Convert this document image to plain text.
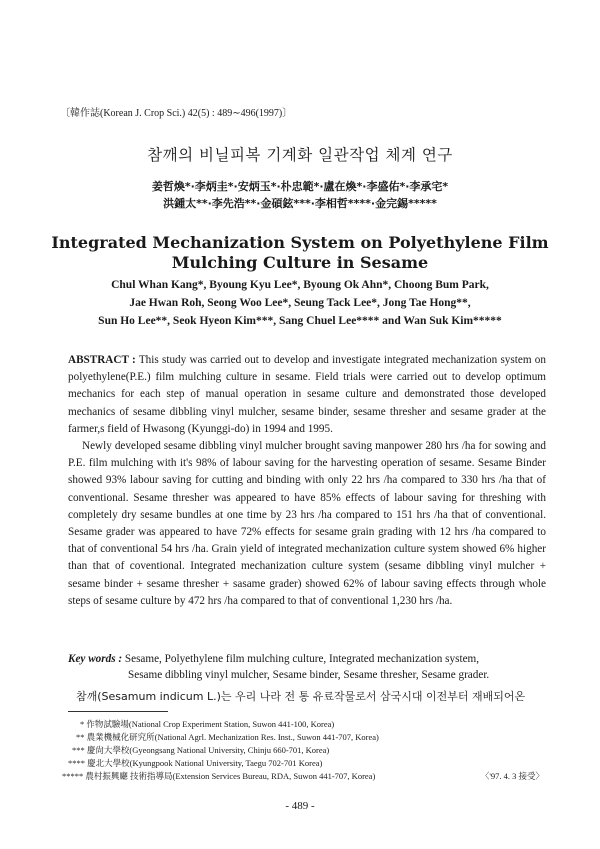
〔韓作誌(Korean J. Crop Sci.) 42(5) : 489∼496(1997)〕
참깨의 비닐피복 기계화 일관작업 체계 연구
姜哲煥*·李炳圭*·安炳玉*·朴忠範*·盧在煥*·李盛佑*·李承宅*
洪鍾太**·李先浩**·金碩鉉***·李相哲****·金完錫*****
Integrated Mechanization System on Polyethylene Film
Mulching Culture in Sesame
Chul Whan Kang*, Byoung Kyu Lee*, Byoung Ok Ahn*, Choong Bum Park,
Jae Hwan Roh, Seong Woo Lee*, Seung Tack Lee*, Jong Tae Hong**,
Sun Ho Lee**, Seok Hyeon Kim***, Sang Chuel Lee**** and Wan Suk Kim*****

ABSTRACT : This study was carried out to develop and investigate integrated mechanization system on polyethylene(P.E.) film mulching culture in sesame. Field trials were carried out to develop optimum mechanics for each step of manual operation in sesame culture and demonstrated those developed mechanics of sesame dibbling vinyl mulcher, sesame binder, sesame thresher and sesame grader at the farmer,s field of Hwasong (Kyunggi-do) in 1994 and 1995.

Newly developed sesame dibbling vinyl mulcher brought saving manpower 280 hrs /ha for sowing and P.E. film mulching with it's 98% of labour saving for the harvesting operation of sesame. Sesame Binder showed 93% labour saving for cutting and binding with only 22 hrs /ha compared to 330 hrs /ha that of conventional. Sesame thresher was appeared to have 85% effects of labour saving for threshing with completely dry sesame bundles at one time by 23 hrs /ha compared to 151 hrs /ha that of conventional. Sesame grader was appeared to have 72% effects for sesame grain grading with 12 hrs /ha compared to that of conventional 54 hrs /ha. Grain yield of integrated mechanization culture system showed 6% higher than that of coventional. Integrated mechanization culture system (sesame dibbling vinyl mulcher + sesame binder + sesame thresher + sasame grader) showed 62% of labour saving effects through whole steps of sesame culture by 472 hrs /ha compared to that of conventional 1,230 hrs /ha.

Key words : Sesame, Polyethylene film mulching culture, Integrated mechanization system,
Sesame dibbling vinyl mulcher, Sesame binder, Sesame thresher, Sesame grader.
참깨(Sesamum indicum L.)는 우리 나라 전 통 유료작물로서 삼국시대 이전부터 재배되어온
* 作物試驗場(National Crop Experiment Station, Suwon 441-100, Korea)
** 農業機械化研究所(National Agrl. Mechanization Res. Inst., Suwon 441-707, Korea)
*** 慶尙大學校(Gyeongsang National University, Chinju 660-701, Korea)
**** 慶北大學校(Kyungpook National University, Taegu 702-701 Korea)
***** 農村振興廳 技術指導局(Extension Services Bureau, RDA, Suwon 441-707, Korea)	〈'97. 4. 3 接受〉
- 489 -
